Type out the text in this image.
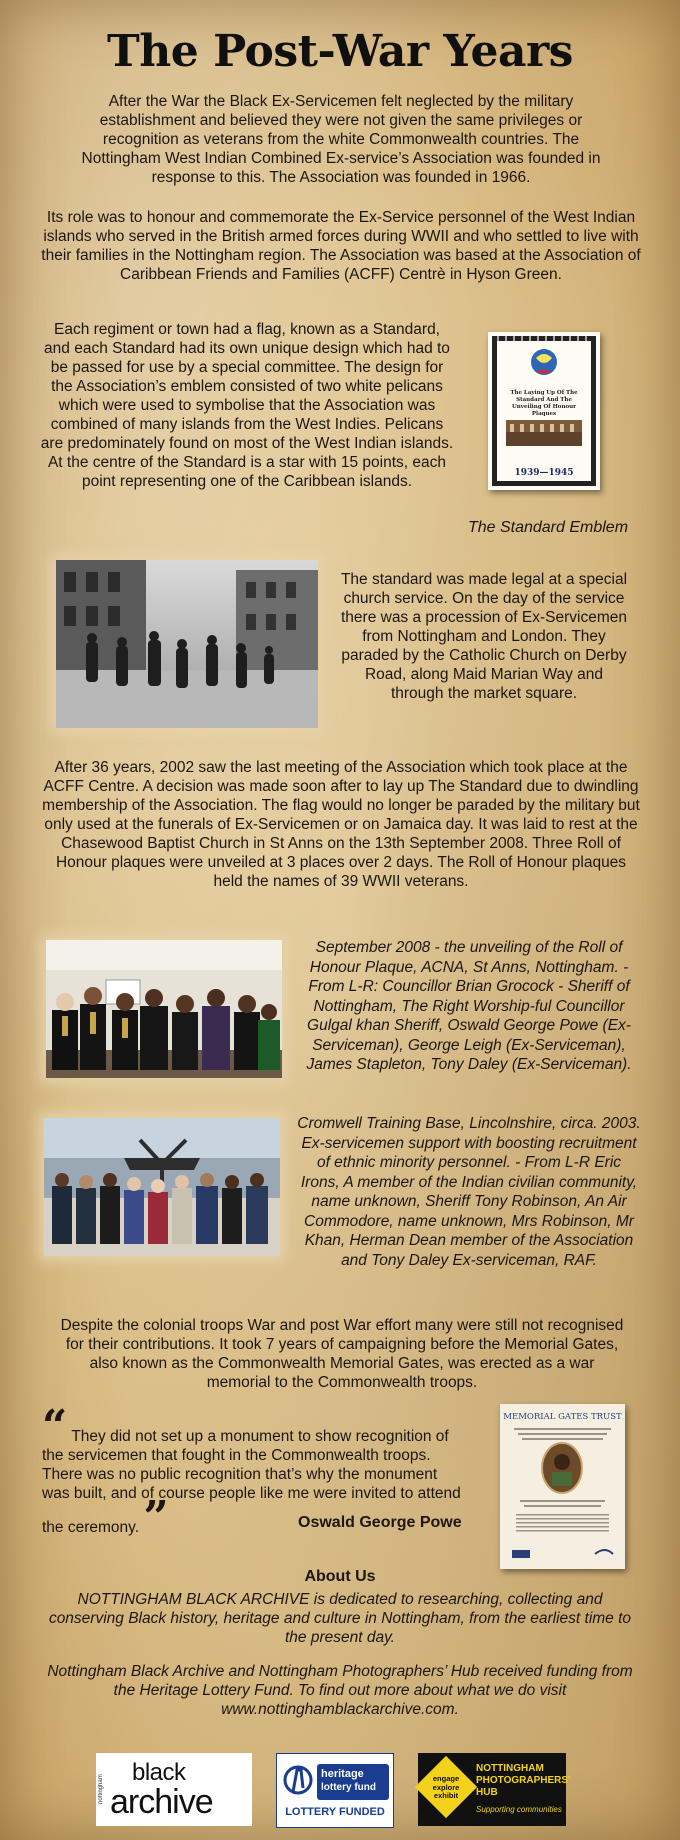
The Post-War Years
After the War the Black Ex-Servicemen felt neglected by the military establishment and believed they were not given the same privileges or recognition as veterans from the white Commonwealth countries. The Nottingham West Indian Combined Ex-service’s Association was founded in response to this. The Association was founded in 1966.
Its role was to honour and commemorate the Ex-Service personnel of the West Indian islands who served in the British armed forces during WWII and who settled to live with their families in the Nottingham region. The Association was based at the Association of Caribbean Friends and Families (ACFF) Centrè in Hyson Green.
Each regiment or town had a flag, known as a Standard, and each Standard had its own unique design which had to be passed for use by a special committee. The design for the Association’s emblem consisted of two white pelicans which were used to symbolise that the Association was combined of many islands from the West Indies. Pelicans are predominately found on most of the West Indian islands. At the centre of the Standard is a star with 15 points, each point representing one of the Caribbean islands.	1939—1945
The Laying Up Of The Standard And The Unveiling Of Honour Plaques
The Standard Emblem
The standard was made legal at a special church service. On the day of the service there was a procession of Ex-Servicemen from Nottingham and London. They paraded by the Catholic Church on Derby Road, along Maid Marian Way and through the market square.
After 36 years, 2002 saw the last meeting of the Association which took place at the ACFF Centre. A decision was made soon after to lay up The Standard due to dwindling membership of the Association. The flag would no longer be paraded by the military but only used at the funerals of Ex-Servicemen or on Jamaica day. It was laid to rest at the Chasewood Baptist Church in St Anns on the 13th September 2008. Three Roll of Honour plaques were unveiled at 3 places over 2 days. The Roll of Honour plaques held the names of 39 WWII veterans.
September 2008 - the unveiling of the Roll of Honour Plaque, ACNA, St Anns, Nottingham. - From L-R: Councillor Brian Grocock - Sheriff of Nottingham, The Right Worship-ful Councillor Gulgal khan Sheriff, Oswald George Powe (Ex-Serviceman), George Leigh (Ex-Serviceman), James Stapleton, Tony Daley (Ex-Serviceman).
Cromwell Training Base, Lincolnshire, circa. 2003. Ex-servicemen support with boosting recruitment of ethnic minority personnel. - From L-R Eric Irons, A member of the Indian civilian community, name unknown, Sheriff Tony Robinson, An Air Commodore, name unknown, Mrs Robinson, Mr Khan, Herman Dean member of the Association and Tony Daley Ex-serviceman, RAF.
Despite the colonial troops War and post War effort many were still not recognised for their contributions. It took 7 years of campaigning before the Memorial Gates, also known as the Commonwealth Memorial Gates, was erected as a war memorial to the Commonwealth troops.
“ They did not set up a monument to show recognition of the servicemen that fought in the Commonwealth troops. There was no public recognition that’s why the monument was built, and of course people like me were invited to attend the ceremony. ”	Oswald George Powe
MEMORIAL GATES TRUST
About Us
NOTTINGHAM BLACK ARCHIVE is dedicated to researching, collecting and conserving Black history, heritage and culture in Nottingham, from the earliest time to the present day.
Nottingham Black Archive and Nottingham Photographers’ Hub received funding from the Heritage Lottery Fund. To find out more about what we do visit www.nottinghamblackarchive.com.
nottingham
black
archive
heritage
lottery fund
LOTTERY FUNDED
engage explore exhibit
NOTTINGHAM
PHOTOGRAPHERS'
HUB
Supporting communities
